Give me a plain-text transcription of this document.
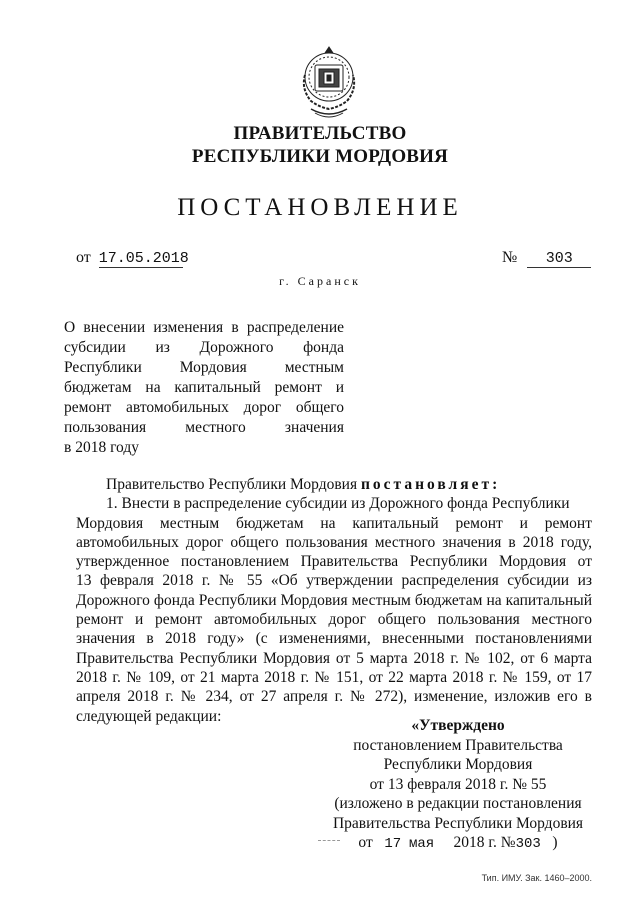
ПРАВИТЕЛЬСТВО
РЕСПУБЛИКИ МОРДОВИЯ
ПОСТАНОВЛЕНИЕ
от 17.05.2018	№ 303
г. Саранск
О внесении изменения в распределение
субсидии из Дорожного фонда
Республики Мордовия местным
бюджетам на капитальный ремонт и
ремонт автомобильных дорог общего
пользования местного значения
в 2018 году
Правительство Республики Мордовия постановляет:
1. Внести в распределение субсидии из Дорожного фонда Республики
Мордовия местным бюджетам на капитальный ремонт и ремонт
автомобильных дорог общего пользования местного значения в 2018 году,
утвержденное постановлением Правительства Республики Мордовия от
13 февраля 2018 г. № 55 «Об утверждении распределения субсидии из
Дорожного фонда Республики Мордовия местным бюджетам на капитальный
ремонт и ремонт автомобильных дорог общего пользования местного
значения в 2018 году» (с изменениями, внесенными постановлениями
Правительства Республики Мордовия от 5 марта 2018 г. № 102, от 6 марта
2018 г. № 109, от 21 марта 2018 г. № 151, от 22 марта 2018 г. № 159, от 17
апреля 2018 г. № 234, от 27 апреля г. № 272), изменение, изложив его в
следующей редакции:
«Утверждено
постановлением Правительства
Республики Мордовия
от 13 февраля 2018 г. № 55
(изложено в редакции постановления
Правительства Республики Мордовия
от 17 мая 2018 г. №303 )
Тип. ИМУ. Зак. 1460–2000.
